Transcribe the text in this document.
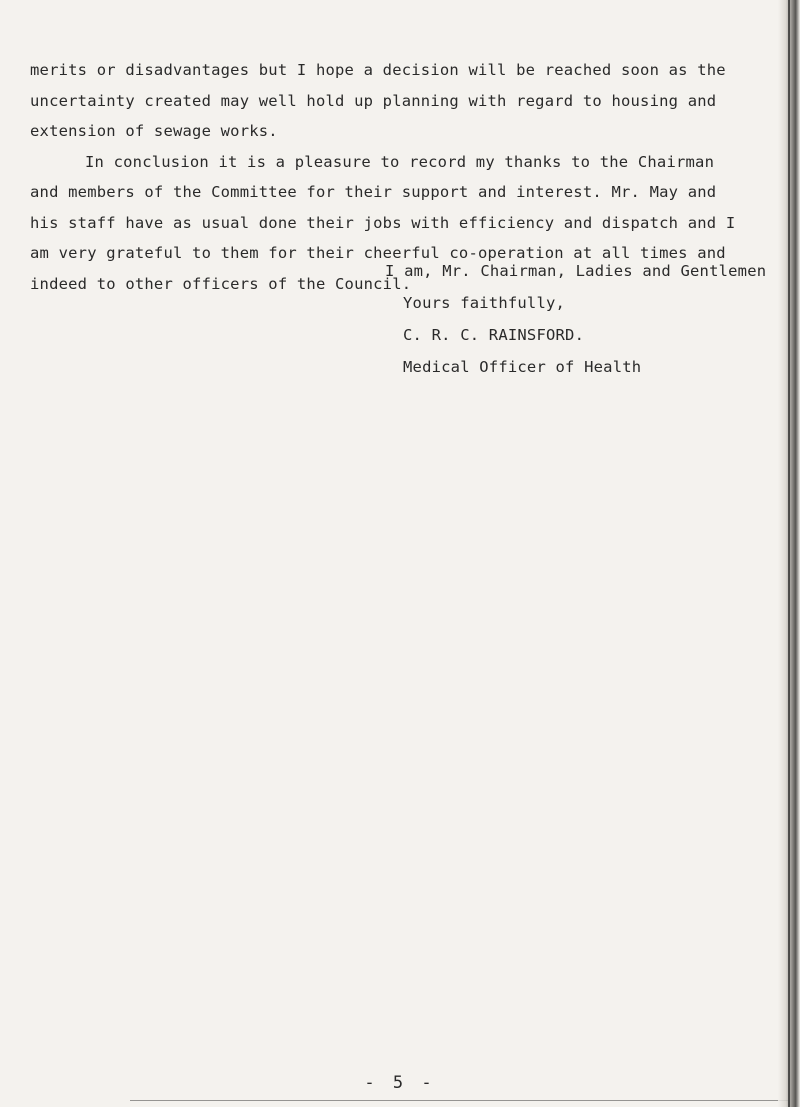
merits or disadvantages but I hope a decision will be reached soon as the
uncertainty created may well hold up planning with regard to housing and
extension of sewage works.
In conclusion it is a pleasure to record my thanks to the Chairman
and members of the Committee for their support and interest. Mr. May and
his staff have as usual done their jobs with efficiency and dispatch and I
am very grateful to them for their cheerful co-operation at all times and
indeed to other officers of the Council.
I am, Mr. Chairman, Ladies and Gentlemen
Yours faithfully,
C. R. C. RAINSFORD.
Medical Officer of Health
- 5 -
